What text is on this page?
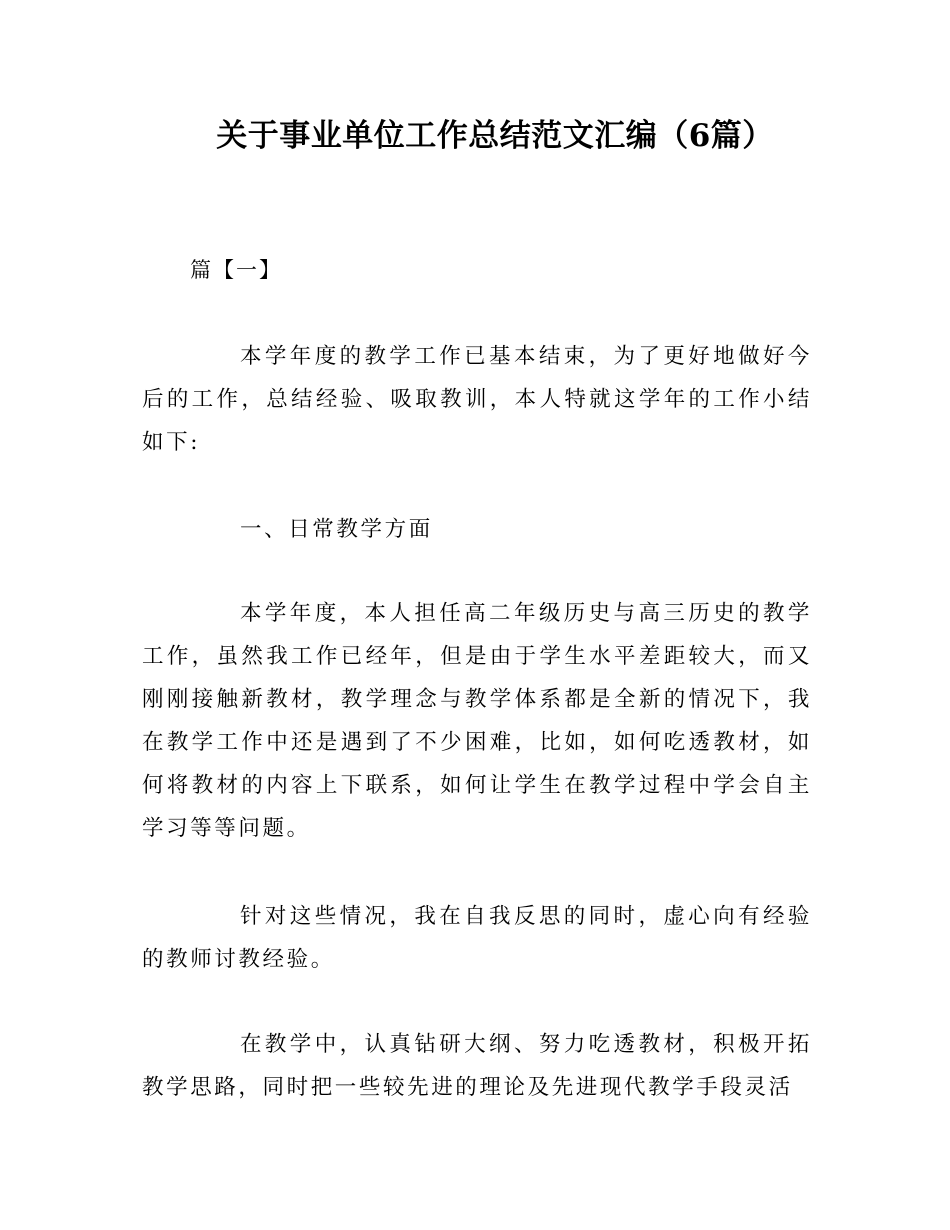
关于事业单位工作总结范文汇编（6篇）
篇【一】

本学年度的教学工作已基本结束，为了更好地做好今后的工作，总结经验、吸取教训，本人特就这学年的工作小结如下:

一、日常教学方面

本学年度，本人担任高二年级历史与高三历史的教学工作，虽然我工作已经年，但是由于学生水平差距较大，而又刚刚接触新教材，教学理念与教学体系都是全新的情况下，我在教学工作中还是遇到了不少困难，比如，如何吃透教材，如何将教材的内容上下联系，如何让学生在教学过程中学会自主学习等等问题。

针对这些情况，我在自我反思的同时，虚心向有经验的教师讨教经验。

在教学中，认真钻研大纲、努力吃透教材，积极开拓教学思路，同时把一些较先进的理论及先进现代教学手段灵活
